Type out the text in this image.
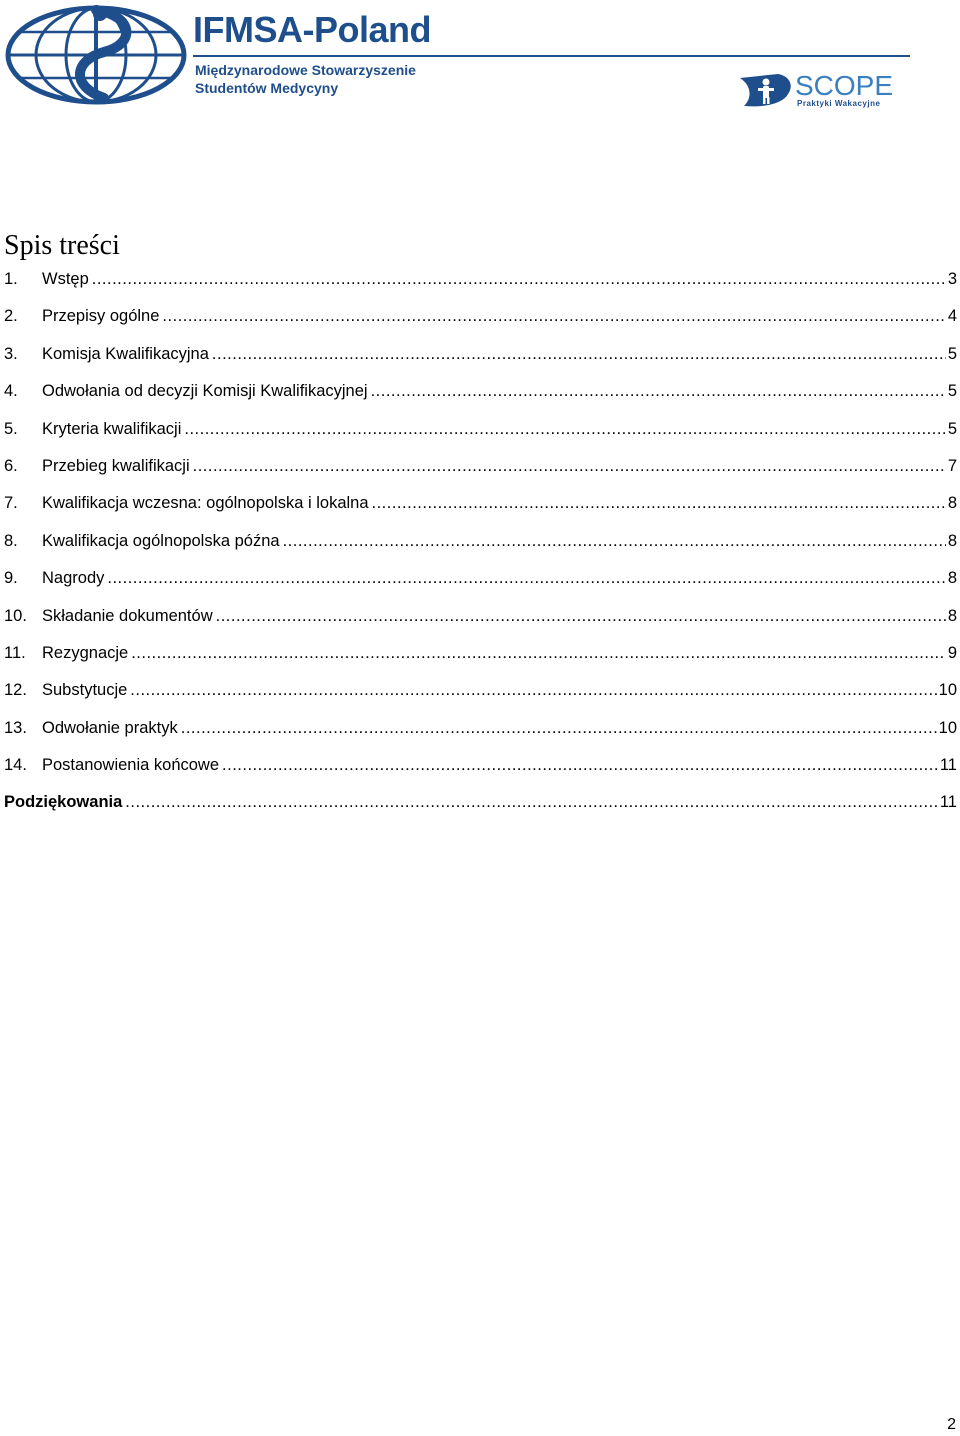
IFMSA-Poland
Międzynarodowe Stowarzyszenie
Studentów Medycyny	SCOPE
Praktyki Wakacyjne
Spis treści
1.	Wstęp .....	3
2.	Przepisy ogólne .....	4
3.	Komisja Kwalifikacyjna .....	5
4.	Odwołania od decyzji Komisji Kwalifikacyjnej .....	5
5.	Kryteria kwalifikacji .....	5
6.	Przebieg kwalifikacji .....	7
7.	Kwalifikacja wczesna: ogólnopolska i lokalna .....	8
8.	Kwalifikacja ogólnopolska późna .....	8
9.	Nagrody .....	8
10. Składanie dokumentów .....	8
11. Rezygnacje .....	9
12. Substytucje .....	10
13. Odwołanie praktyk .....	10
14. Postanowienia końcowe .....	11
Podziękowania .....	11
2
